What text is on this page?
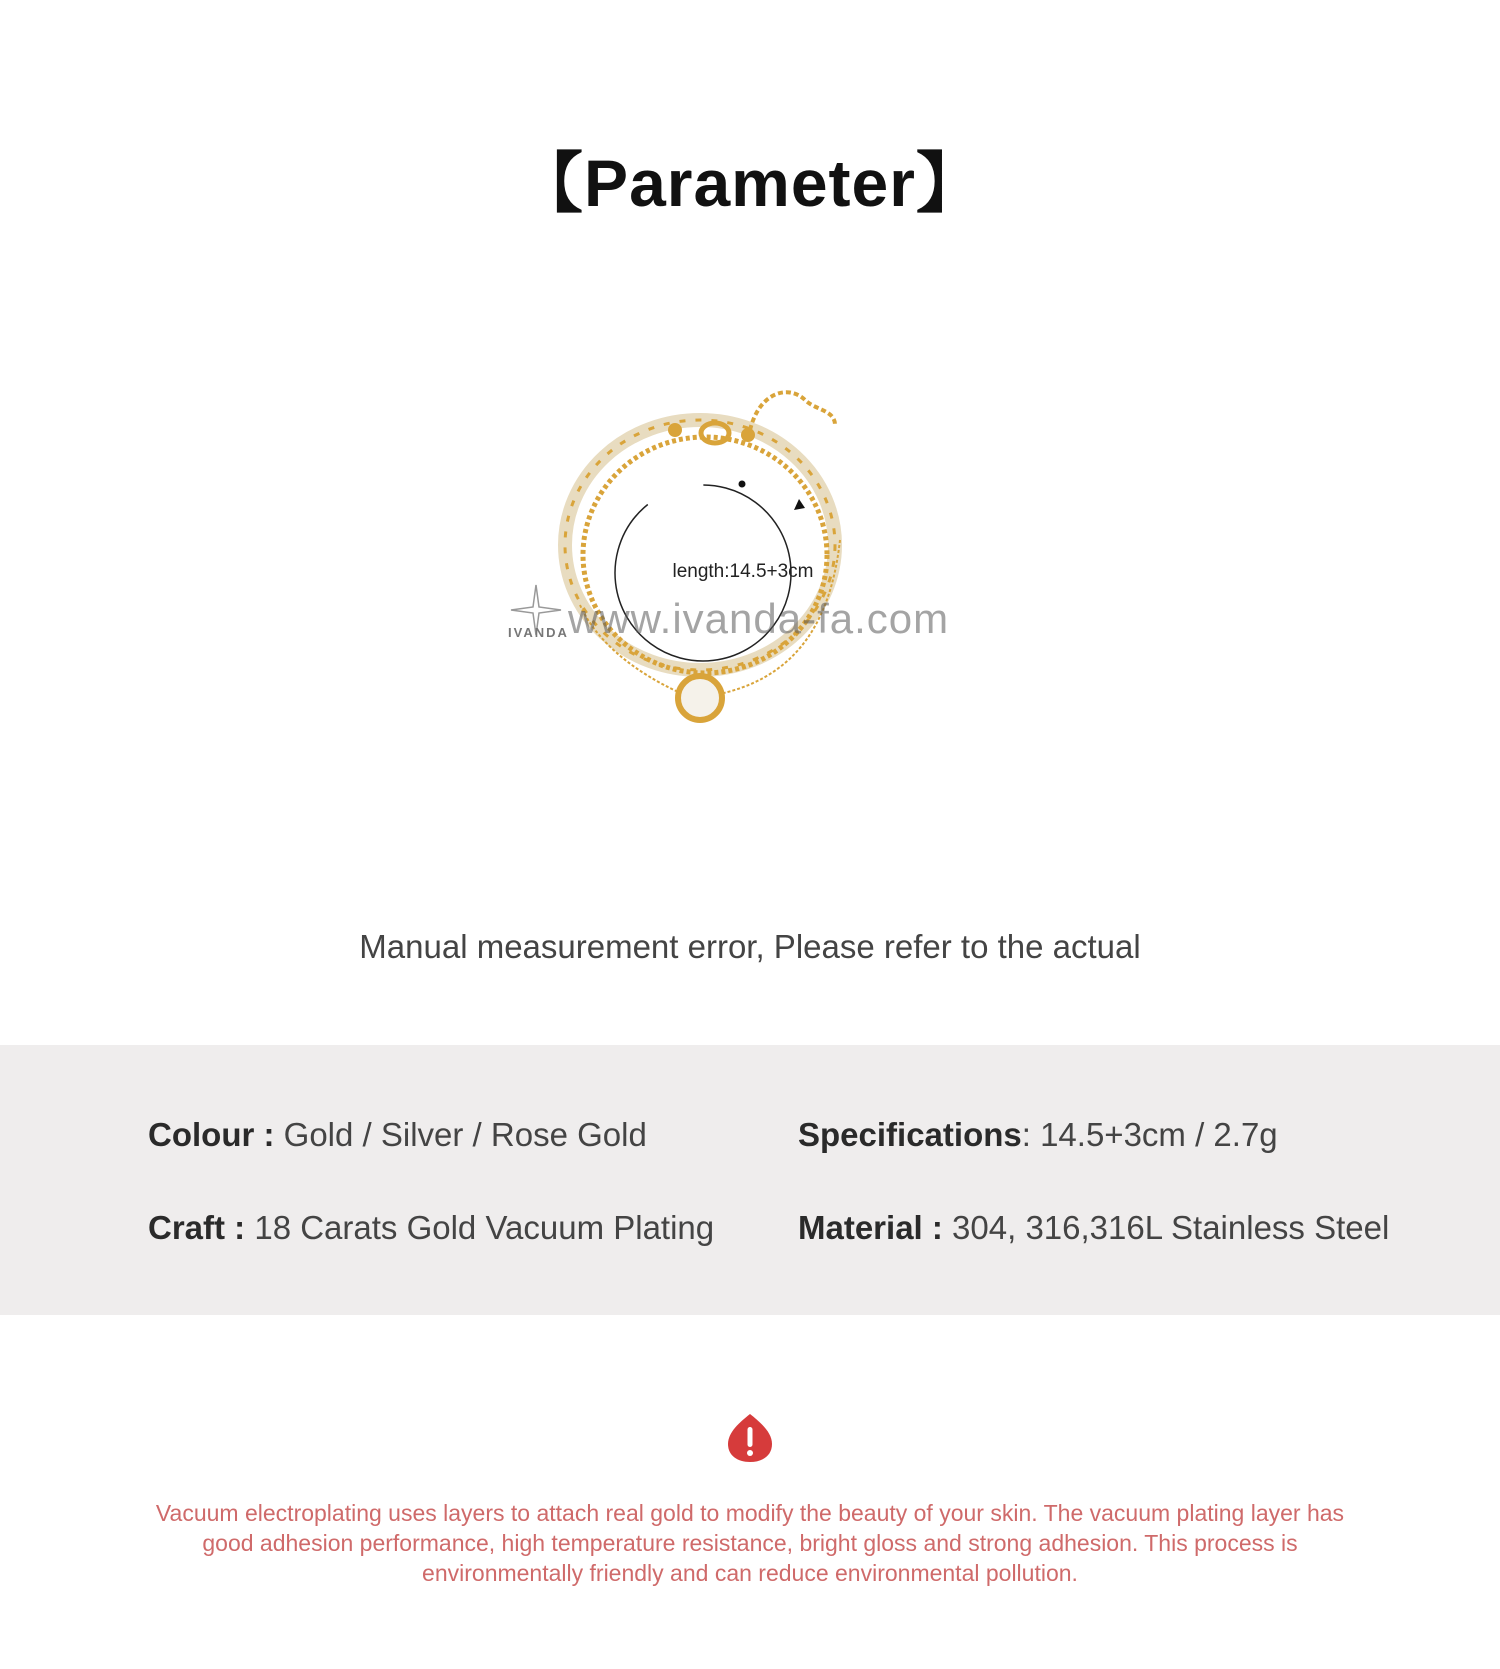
【Parameter】
IVANDA www.ivanda-fa.com
length:14.5+3cm
Manual measurement error, Please refer to the actual
Colour : Gold / Silver / Rose Gold	Specifications: 14.5+3cm / 2.7g
Craft : 18 Carats Gold Vacuum Plating	Material : 304, 316,316L Stainless Steel
Vacuum electroplating uses layers to attach real gold to modify the beauty of your skin. The vacuum plating layer has good adhesion performance, high temperature resistance, bright gloss and strong adhesion. This process is environmentally friendly and can reduce environmental pollution.
